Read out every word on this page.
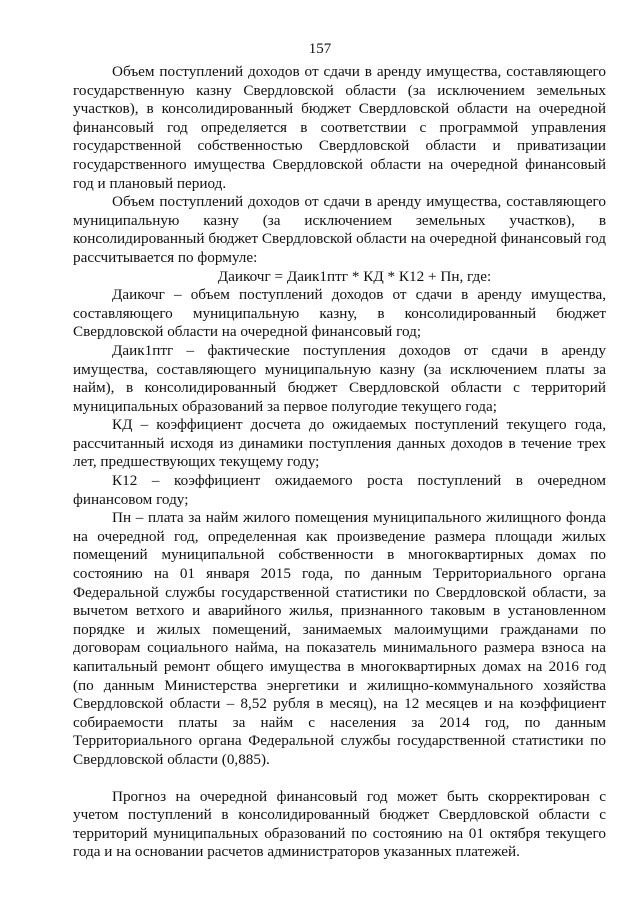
157

Объем поступлений доходов от сдачи в аренду имущества, составляющего государственную казну Свердловской области (за исключением земельных участков), в консолидированный бюджет Свердловской области на очередной финансовый год определяется в соответствии с программой управления государственной собственностью Свердловской области и приватизации государственного имущества Свердловской области на очередной финансовый год и плановый период.

Объем поступлений доходов от сдачи в аренду имущества, составляющего муниципальную казну (за исключением земельных участков), в консолидированный бюджет Свердловской области на очередной финансовый год рассчитывается по формуле:

Даикочг = Даик1птг * КД * К12 + Пн, где:

Даикочг – объем поступлений доходов от сдачи в аренду имущества, составляющего муниципальную казну, в консолидированный бюджет Свердловской области на очередной финансовый год;

Даик1птг – фактические поступления доходов от сдачи в аренду имущества, составляющего муниципальную казну (за исключением платы за найм), в консолидированный бюджет Свердловской области с территорий муниципальных образований за первое полугодие текущего года;

КД – коэффициент досчета до ожидаемых поступлений текущего года, рассчитанный исходя из динамики поступления данных доходов в течение трех лет, предшествующих текущему году;

К12 – коэффициент ожидаемого роста поступлений в очередном финансовом году;

Пн – плата за найм жилого помещения муниципального жилищного фонда на очередной год, определенная как произведение размера площади жилых помещений муниципальной собственности в многоквартирных домах по состоянию на 01 января 2015 года, по данным Территориального органа Федеральной службы государственной статистики по Свердловской области, за вычетом ветхого и аварийного жилья, признанного таковым в установленном порядке и жилых помещений, занимаемых малоимущими гражданами по договорам социального найма, на показатель минимального размера взноса на капитальный ремонт общего имущества в многоквартирных домах на 2016 год (по данным Министерства энергетики и жилищно-коммунального хозяйства Свердловской области – 8,52 рубля в месяц), на 12 месяцев и на коэффициент собираемости платы за найм с населения за 2014 год, по данным Территориального органа Федеральной службы государственной статистики по Свердловской области (0,885).

Прогноз на очередной финансовый год может быть скорректирован с учетом поступлений в консолидированный бюджет Свердловской области с территорий муниципальных образований по состоянию на 01 октября текущего года и на основании расчетов администраторов указанных платежей.
